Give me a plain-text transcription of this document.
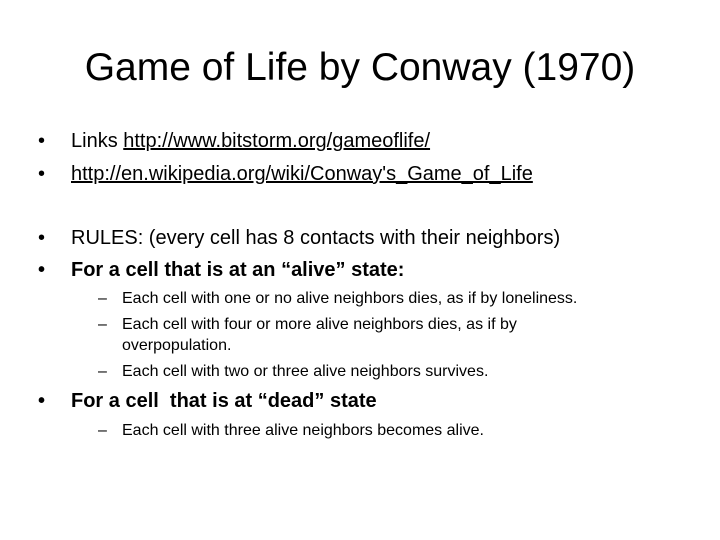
Game of Life by Conway (1970)
•	Links http://www.bitstorm.org/gameoflife/
•	http://en.wikipedia.org/wiki/Conway's_Game_of_Life
•	RULES: (every cell has 8 contacts with their neighbors)
•	For a cell that is at an “alive” state:
– Each cell with one or no alive neighbors dies, as if by loneliness.
– Each cell with four or more alive neighbors dies, as if by
overpopulation.
– Each cell with two or three alive neighbors survives.
•	For a cell  that is at “dead” state
– Each cell with three alive neighbors becomes alive.
